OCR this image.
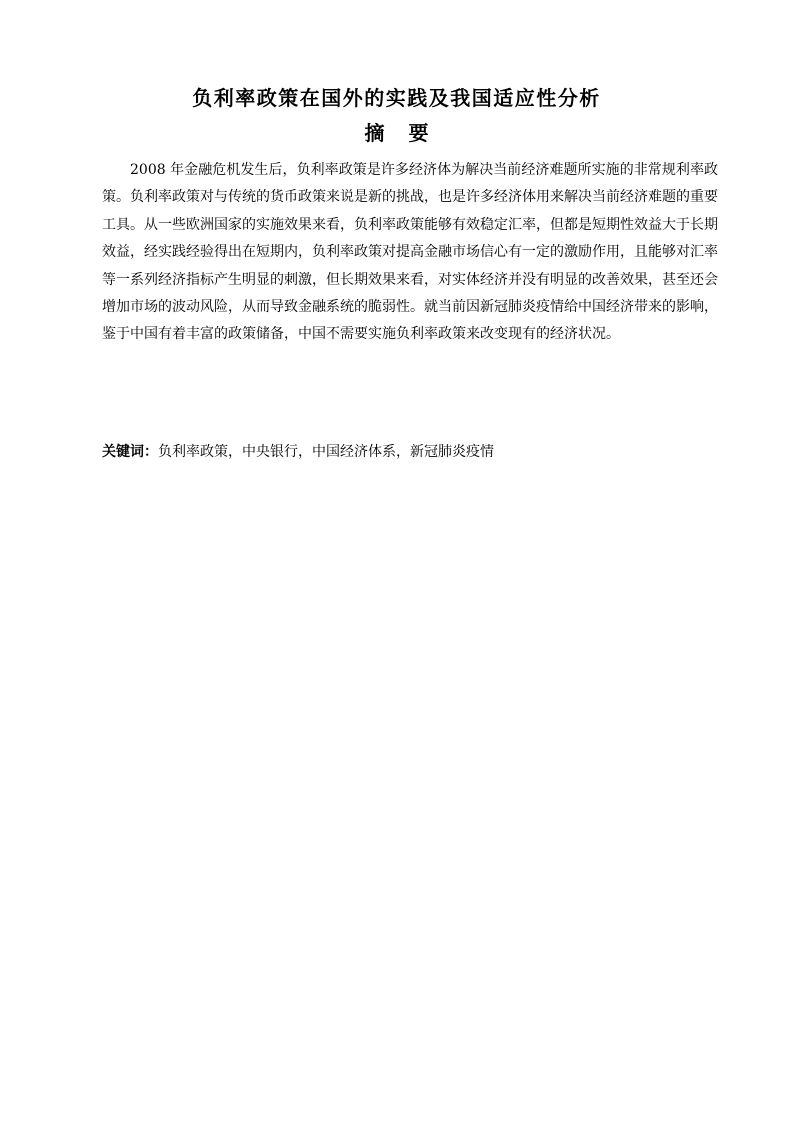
负利率政策在国外的实践及我国适应性分析
摘 要

2008 年金融危机发生后，负利率政策是许多经济体为解决当前经济难题所实施的非常规利率政策。负利率政策对与传统的货币政策来说是新的挑战，也是许多经济体用来解决当前经济难题的重要工具。从一些欧洲国家的实施效果来看，负利率政策能够有效稳定汇率，但都是短期性效益大于长期效益，经实践经验得出在短期内，负利率政策对提高金融市场信心有一定的激励作用，且能够对汇率等一系列经济指标产生明显的刺激，但长期效果来看，对实体经济并没有明显的改善效果，甚至还会增加市场的波动风险，从而导致金融系统的脆弱性。就当前因新冠肺炎疫情给中国经济带来的影响，鉴于中国有着丰富的政策储备，中国不需要实施负利率政策来改变现有的经济状况。

关键词：负利率政策，中央银行，中国经济体系，新冠肺炎疫情
